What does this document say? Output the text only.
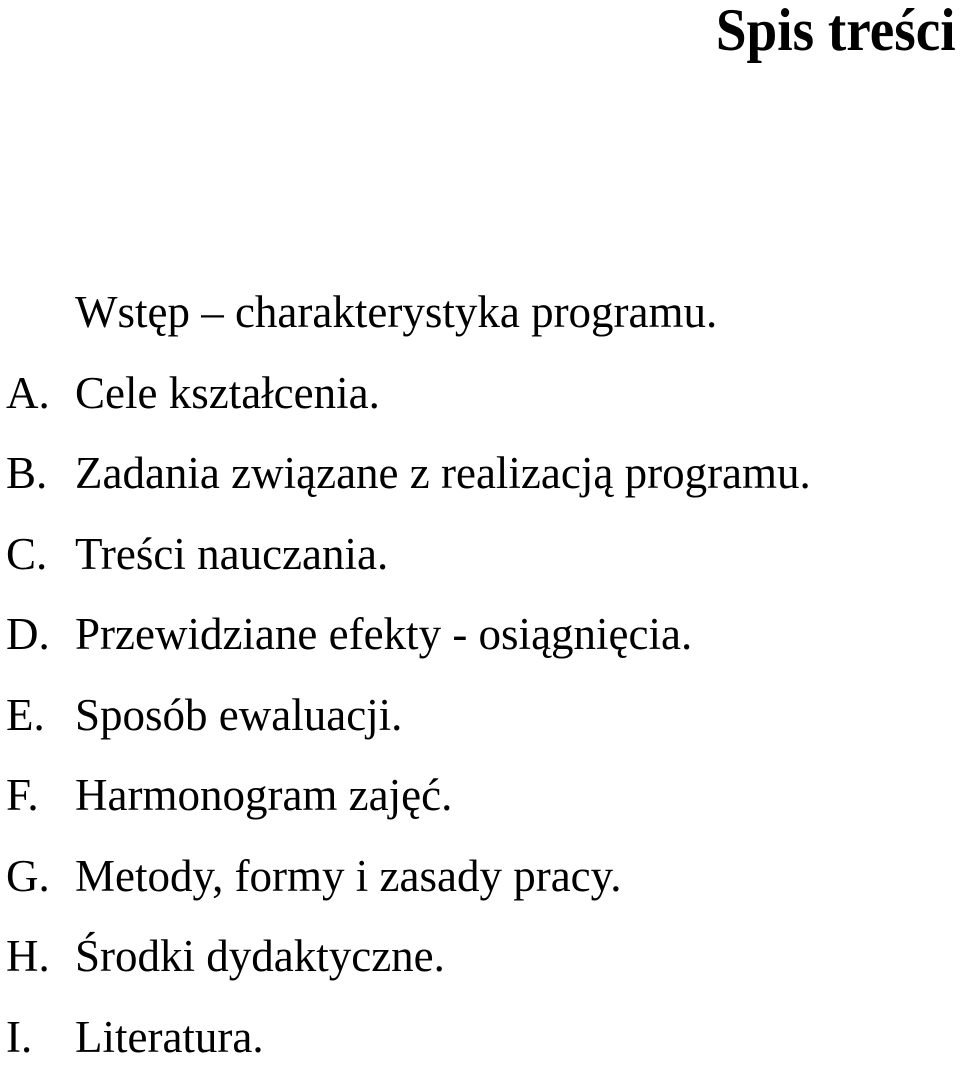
Spis treści
Wstęp – charakterystyka programu.
A. Cele kształcenia.
B. Zadania związane z realizacją programu.
C. Treści nauczania.
D. Przewidziane efekty - osiągnięcia.
E. Sposób ewaluacji.
F. Harmonogram zajęć.
G. Metody, formy i zasady pracy.
H. Środki dydaktyczne.
I. Literatura.
